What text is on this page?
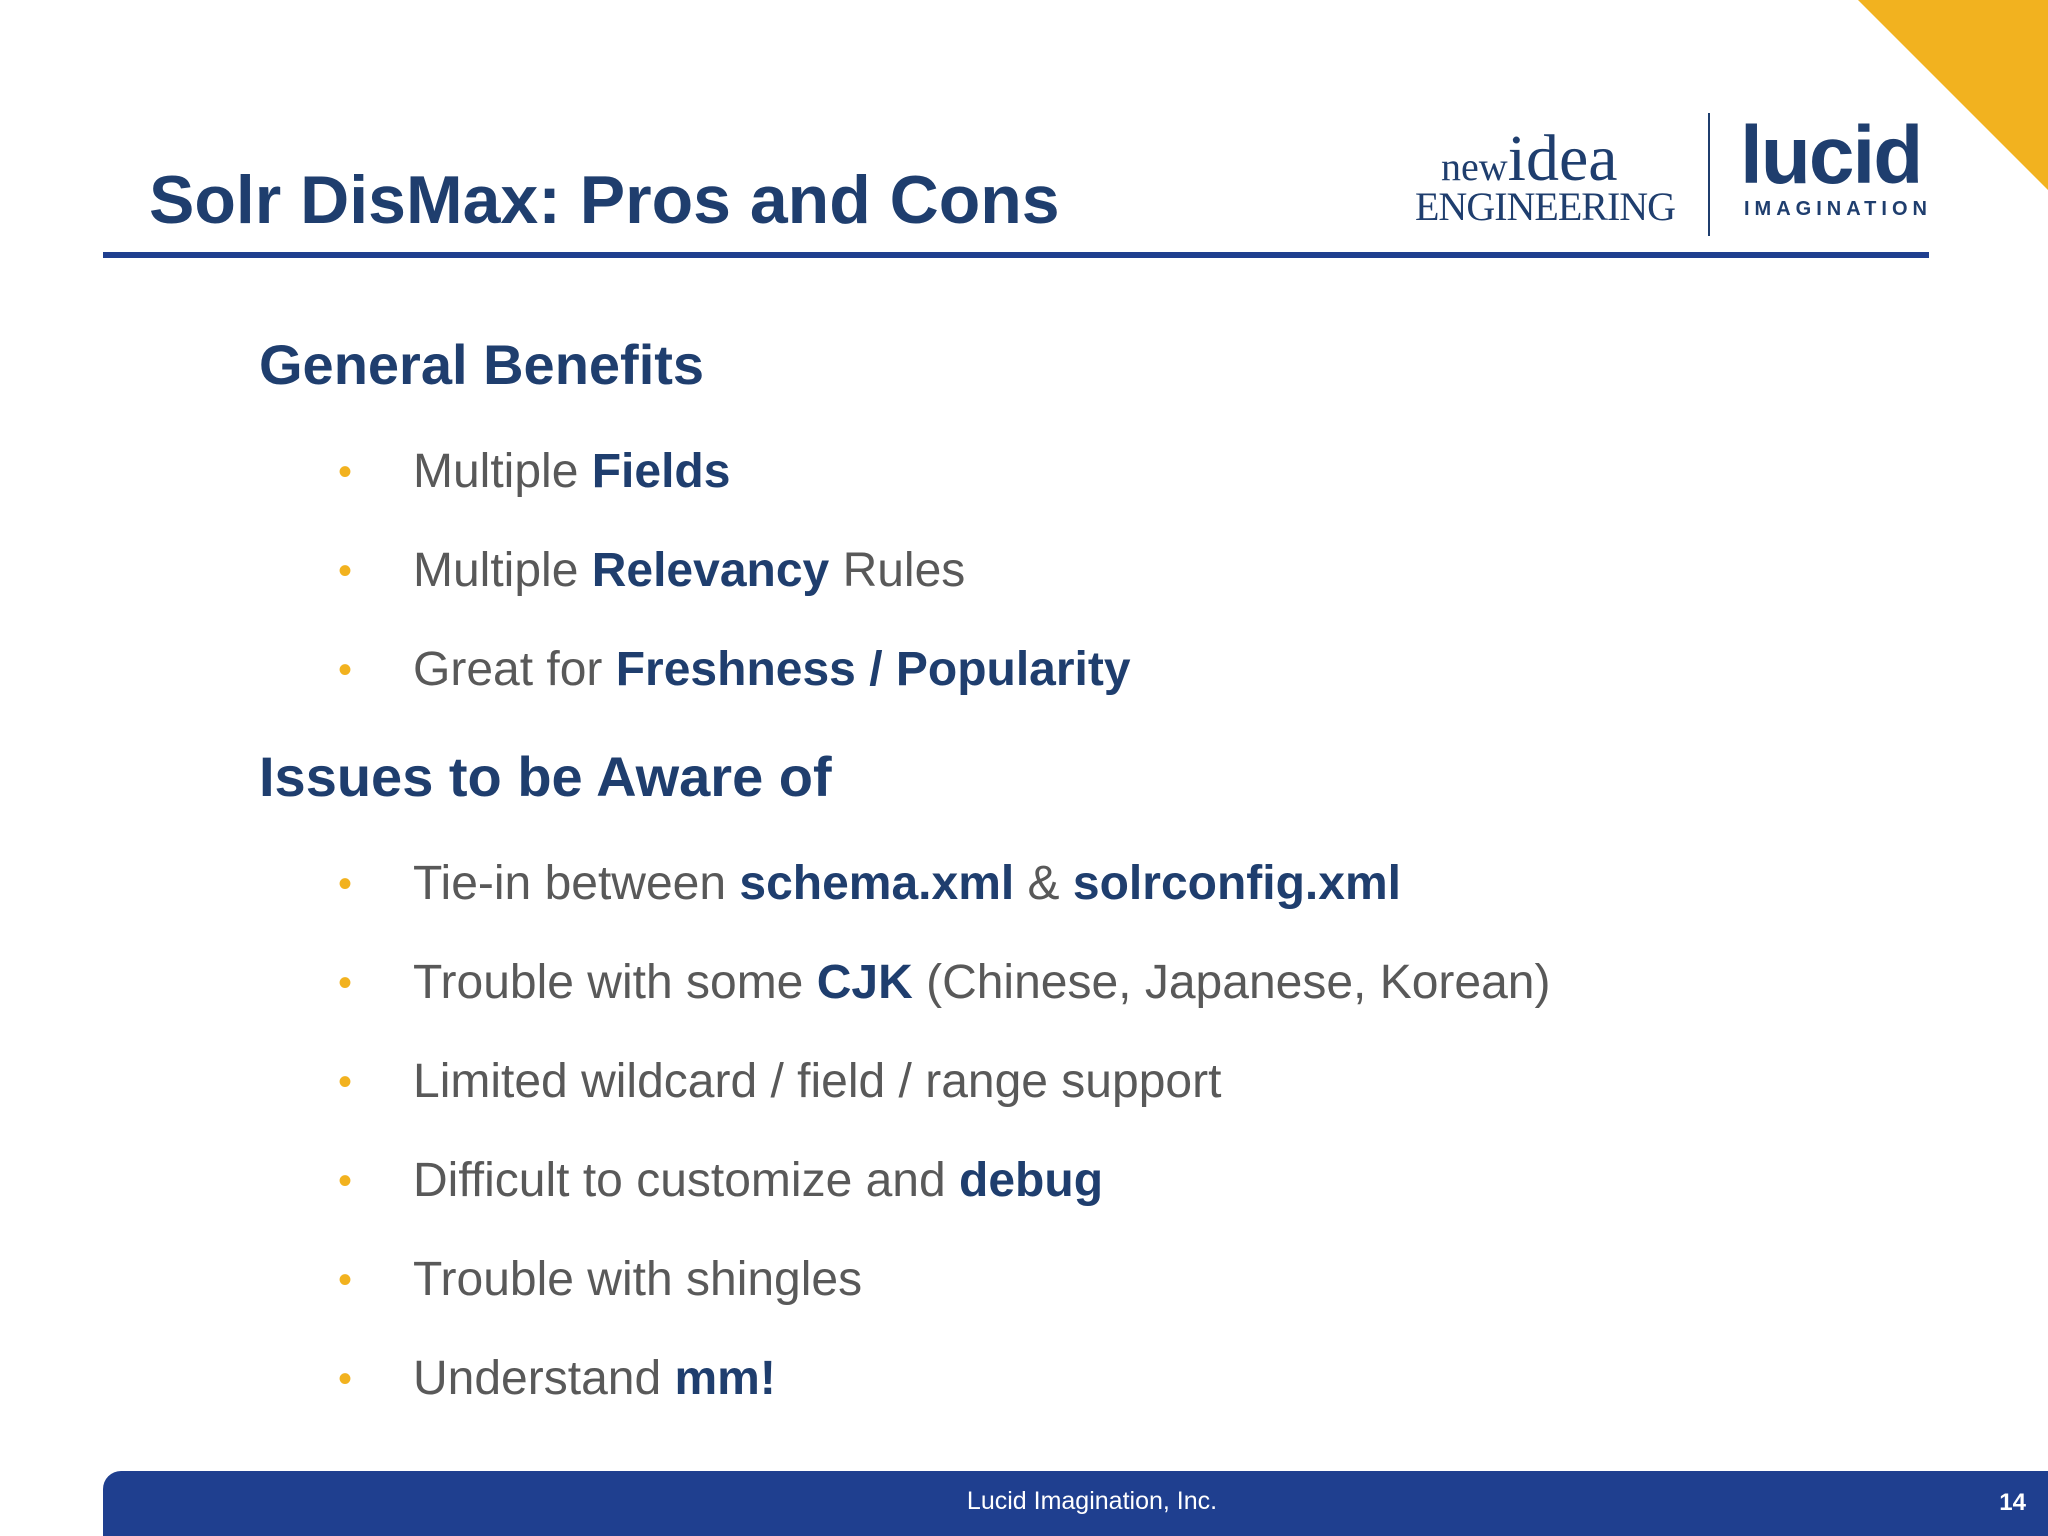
Solr DisMax: Pros and Cons	newidea
ENGINEERING
lucid
IMAGINATION
General Benefits
• Multiple Fields
• Multiple Relevancy Rules
• Great for Freshness / Popularity
Issues to be Aware of
• Tie-in between schema.xml & solrconfig.xml
• Trouble with some CJK (Chinese, Japanese, Korean)
• Limited wildcard / field / range support
• Difficult to customize and debug
• Trouble with shingles
• Understand mm!
Lucid Imagination, Inc.	14
